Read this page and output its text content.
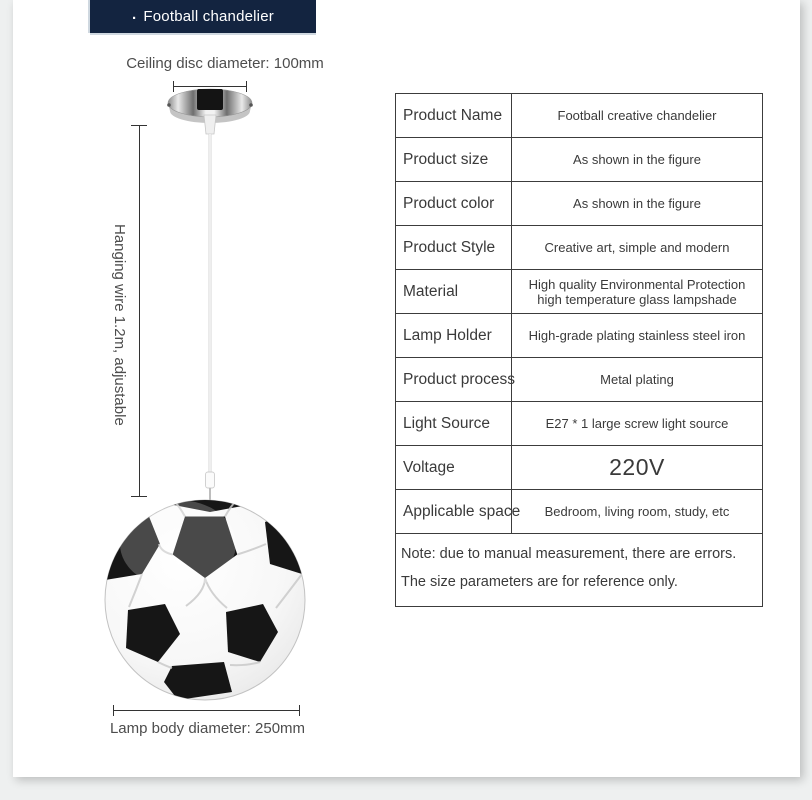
. Football chandelier
Ceiling disc diameter: 100mm
Hanging wire 1.2m, adjustable
Lamp body diameter: 250mm
Product Name	Football creative chandelier
Product size	As shown in the figure
Product color	As shown in the figure
Product Style	Creative art, simple and modern
Material	High quality Environmental Protection high temperature glass lampshade
Lamp Holder	High-grade plating stainless steel iron
Product process	Metal plating
Light Source	E27 * 1 large screw light source
Voltage	220V
Applicable space	Bedroom, living room, study, etc
Note: due to manual measurement, there are errors. The size parameters are for reference only.	
